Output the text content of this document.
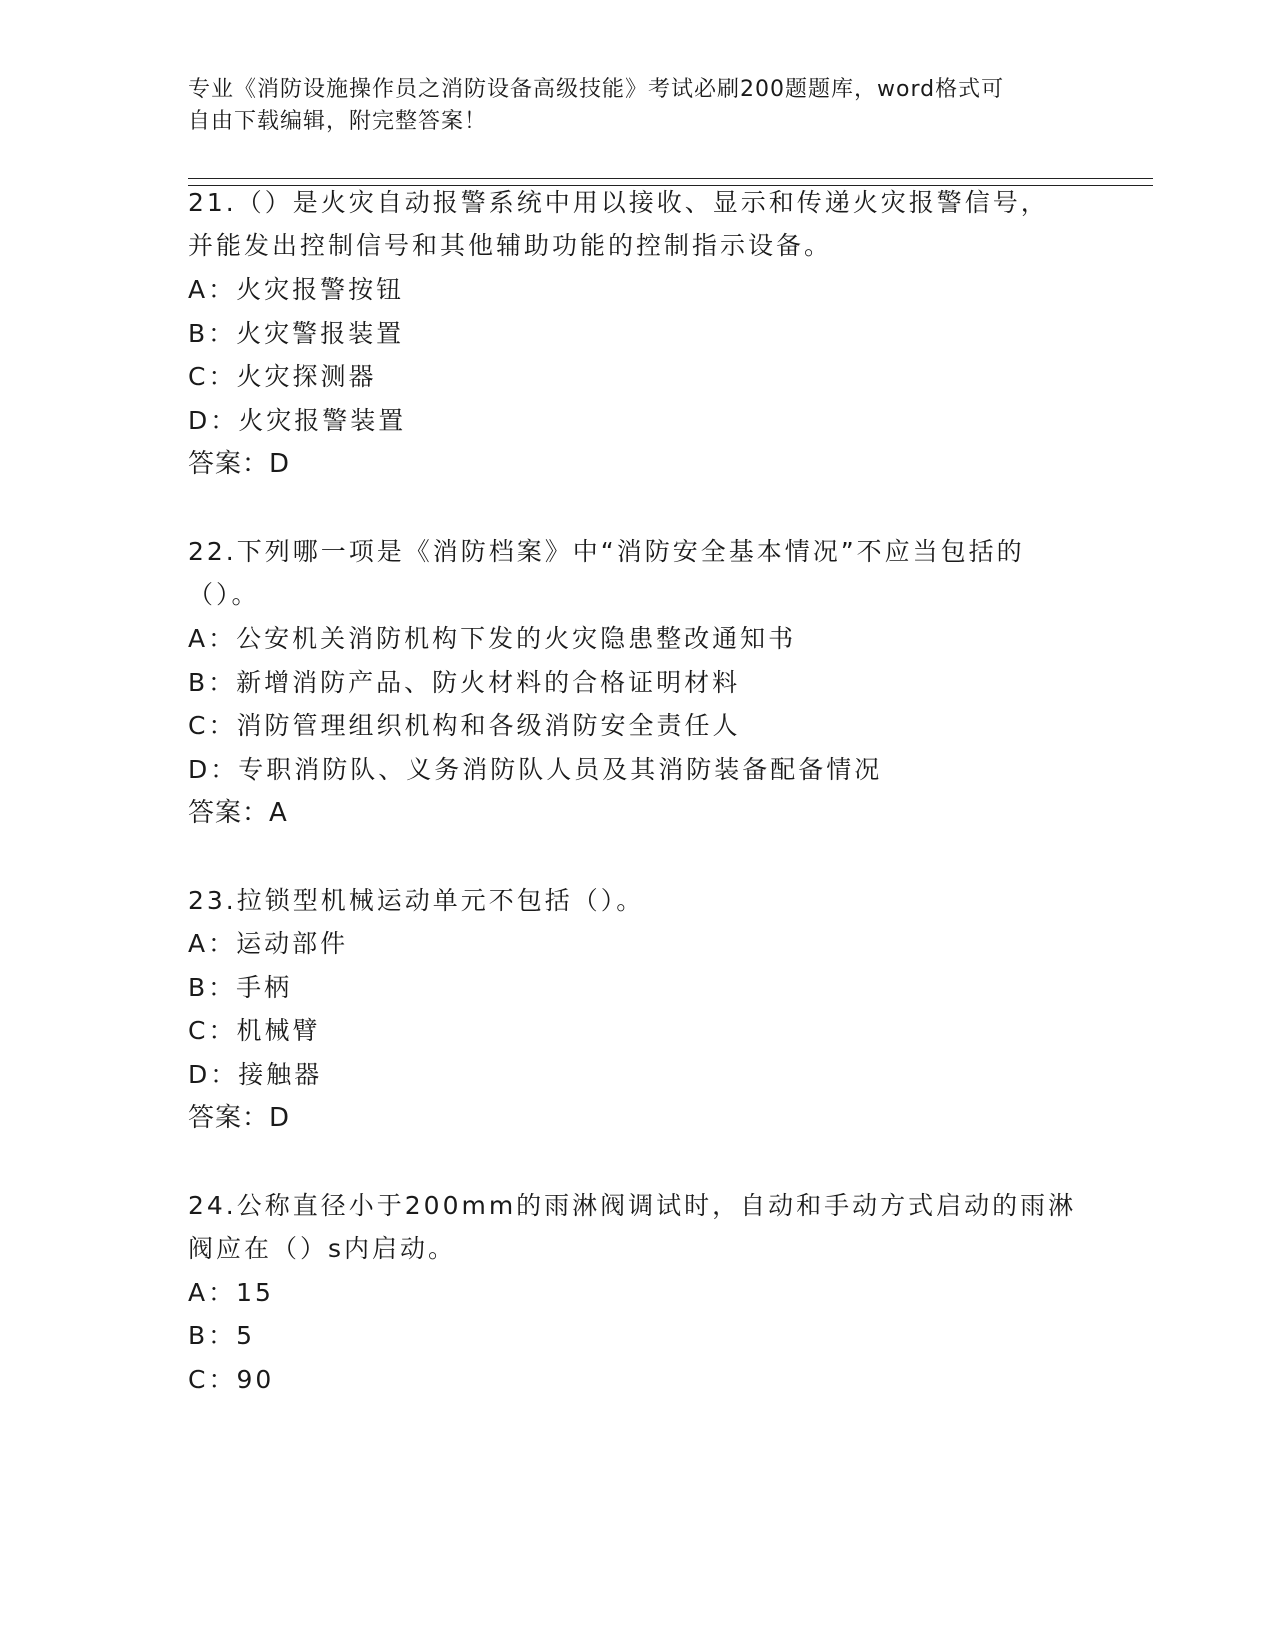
专业《消防设施操作员之消防设备高级技能》考试必刷200题题库，word格式可
自由下载编辑，附完整答案！
21.（）是火灾自动报警系统中用以接收、显示和传递火灾报警信号，
并能发出控制信号和其他辅助功能的控制指示设备。
A：火灾报警按钮
B：火灾警报装置
C：火灾探测器
D：火灾报警装置
答案：D
22.下列哪一项是《消防档案》中“消防安全基本情况”不应当包括的
（）。
A：公安机关消防机构下发的火灾隐患整改通知书
B：新增消防产品、防火材料的合格证明材料
C：消防管理组织机构和各级消防安全责任人
D：专职消防队、义务消防队人员及其消防装备配备情况
答案：A
23.拉锁型机械运动单元不包括（）。
A：运动部件
B：手柄
C：机械臂
D：接触器
答案：D
24.公称直径小于200mm的雨淋阀调试时，自动和手动方式启动的雨淋
阀应在（）s内启动。
A：15
B：5
C：90
